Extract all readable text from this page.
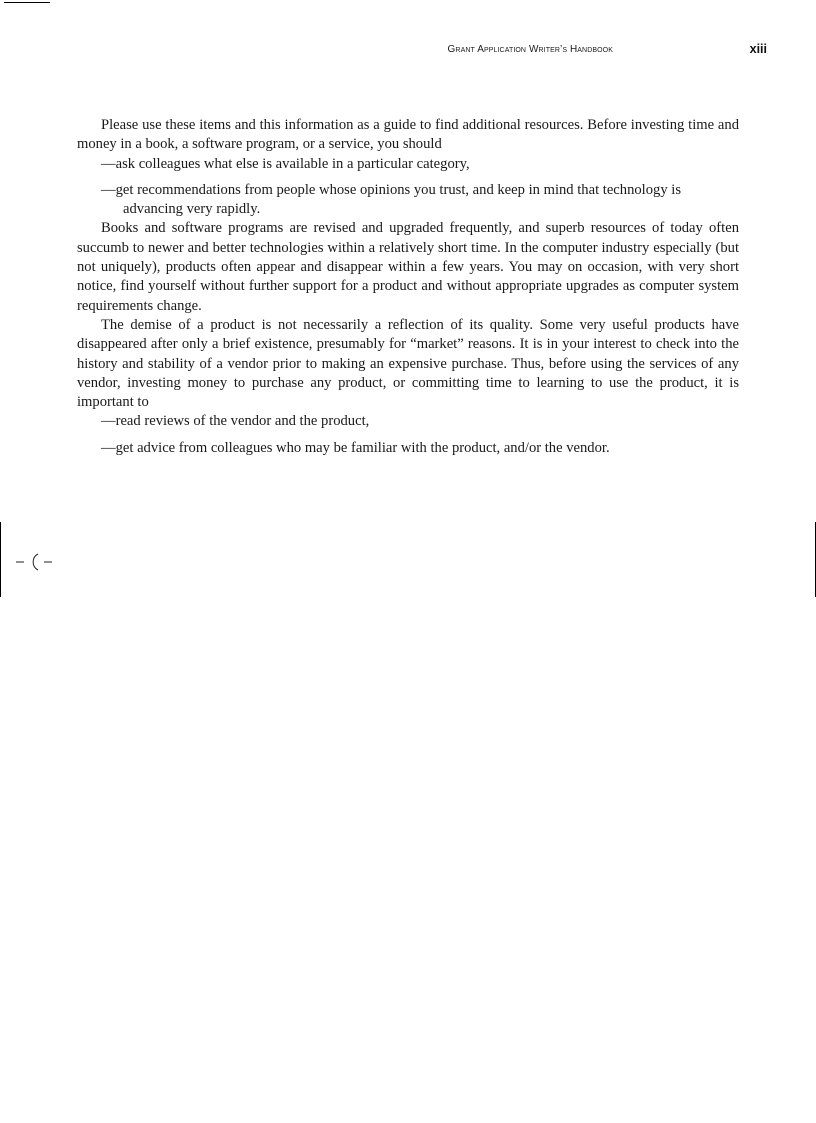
Grant Application Writer’s Handbook	xiii

Please use these items and this information as a guide to find additional resources. Before investing time and money in a book, a software program, or a service, you should

—ask colleagues what else is available in a particular category,

—get recommendations from people whose opinions you trust, and keep in mind that technology is advancing very rapidly.

Books and software programs are revised and upgraded frequently, and superb resources of today often succumb to newer and better technologies within a relatively short time. In the computer industry especially (but not uniquely), products often appear and disappear within a few years. You may on occasion, with very short notice, find yourself without further support for a product and without appropriate upgrades as computer system requirements change.

The demise of a product is not necessarily a reflection of its quality. Some very useful products have disappeared after only a brief existence, presumably for “market” reasons. It is in your interest to check into the history and stability of a vendor prior to making an expensive purchase. Thus, before using the services of any vendor, investing money to purchase any product, or committing time to learning to use the product, it is important to

—read reviews of the vendor and the product,

—get advice from colleagues who may be familiar with the product, and/or the vendor.
